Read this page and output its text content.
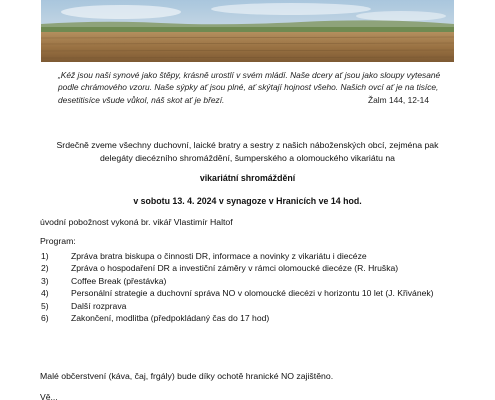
„Kéž jsou naši synové jako štěpy, krásně urostlí v svém mládí. Naše dcery ať jsou jako sloupy vytesané podle chrámového vzoru. Naše sýpky ať jsou plné, ať skýtají hojnost všeho. Našich ovcí ať je na tisíce, desetitisíce všude vůkol, náš skot ať je březí.	Žalm 144, 12-14
Srdečně zveme všechny duchovní, laické bratry a sestry z našich náboženských obcí, zejména pak delegáty diecézního shromáždění, šumperského a olomouckého vikariátu na
vikariátní shromáždění
v sobotu 13. 4. 2024 v synagoze v Hranicích ve 14 hod.
úvodní pobožnost vykoná br. vikář Vlastimír Haltof
Program:
1)	Zpráva bratra biskupa o činnosti DR, informace a novinky z vikariátu i diecéze
2)	Zpráva o hospodaření DR a investiční záměry v rámci olomoucké diecéze (R. Hruška)
3)	Coffee Break (přestávka)
4)	Personální strategie a duchovní správa NO v olomoucké diecézi v horizontu 10 let (J. Křivánek)
5)	Další rozprava
6)	Zakončení, modlitba (předpokládaný čas do 17 hod)
Malé občerstvení (káva, čaj, frgály) bude díky ochotě hranické NO zajištěno.
Vě...
